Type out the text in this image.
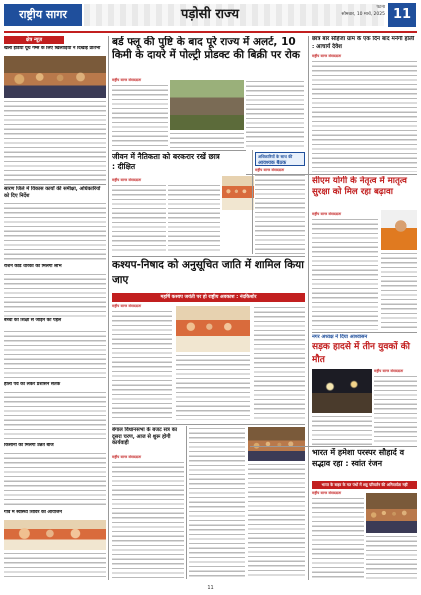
राष्ट्रीय सागर	पड़ोसी राज्य	पटना
सोमवार, 10 मार्च, 2025 11
क्षेत्र न्यूज़
खेलो इंडिया यूथ गेम्स के लिए खिलाड़ियों ने दिखाई प्रतिभा
सारण जिले में विकास कार्यों की समीक्षा, अधिकारियों को दिए निर्देश
राशन कार्ड धारकों को मिलेगा लाभ
बच्चों को शिक्षा से जोड़ने की पहल
होली पर्व को लेकर प्रशासन सतर्क
किसानों को मिलेगा उन्नत बीज
गांव में स्वास्थ्य शिविर का आयोजन
बर्ड फ्लू की पुष्टि के बाद पूरे राज्य में अलर्ट, 10 किमी के दायरे में पोल्ट्री प्रोडक्ट की बिक्री पर रोक
राष्ट्रीय सागर संवाददाता
जीवन में नैतिकता को बरकरार रखें छात्र : दीक्षित
राष्ट्रीय सागर संवाददाता
अधिकारियों के साथ की
आवश्यक बैठक
राष्ट्रीय सागर संवाददाता
कश्यप-निषाद को अनुसूचित जाति में शामिल किया जाए
महर्षि कश्यप जयंती पर हो राष्ट्रीय अवकाश : नंदकिशोर
राष्ट्रीय सागर संवाददाता
बंगाल विधानसभा के बजट सत्र का दूसरा चरण, आज से शुरू होगी कार्यवाही
राष्ट्रीय सागर संवाददाता
छात्र बार सौहेजा ग्राम के एक दिन बाद मनेगी होली : आचार्य देवेश
राष्ट्रीय सागर संवाददाता
सीएम योगी के नेतृत्व में मातृत्व सुरक्षा को मिल रहा बढ़ावा
राष्ट्रीय सागर संवाददाता
नगर अध्यक्ष ने दिया आश्वासन
सड़क हादसे में तीन युवकों की मौत
राष्ट्रीय सागर संवाददाता
भारत में हमेशा परस्पर सौहार्द व सद्भाव रहा : स्वांत रंजन
भारत के बाहर के मत पंथों में शत्रु परिवर्तन की अनिवार्यता नहीं
राष्ट्रीय सागर संवाददाता
11
